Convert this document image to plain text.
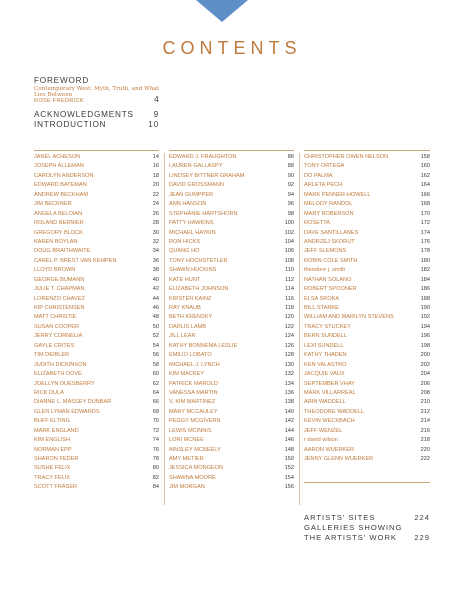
CONTENTS
FOREWORD
Contemporary West: Myth, Truth, and What Lies Between
ROSE FREDRICK	4
ACKNOWLEDGMENTS 9
INTRODUCTION	10
JANEL ACHESON	14
JOSEPH ALLEMAN	16
CAROLYN ANDERSON	18
EDWARD BATEMAN	20
ANDREW BECKHAM	22
JIM BECKNER	24
ANGELA BELOIAN	26
ROLAND BERNIER	28
GREGORY BLOCK	30
KAREN BOYLAN	32
DOUG BRAITHWAITE	34
CAREL P. BREST VAN KEMPEN	36
LLOYD BROWN	38
GEORGE BUMANN	40
JULIE T. CHAPMAN	42
LORENZO CHAVEZ	44
KIP CHRISTENSEN	46
MATT CHRISTIE	48
SUSAN COOPER	50
JERRY CORNELIA	52
GAYLE CRITES	54
TIM DEIBLER	56
JUDITH DICKINSON	58
ELIZABETH DOVE	60
JOELLYN DUESBERRY	62
RICK DULA	64
DIANNE L. MASSEY DUNBAR	66
GLEN LYMAN EDWARDS	68
BUFF ELTING	70
MARK ENGLAND	72
KIM ENGLISH	74
NORMAN EPP	76
SHARON FEDER	78
SUSHE FELIX	80
TRACY FELIX	82
SCOTT FRASER	84
EDWARD J. FRAUGHTON	86
LAUREN GALLASPY	88
LINDSEY BITTNER GRAHAM	90
DAVID GROSSMANN	92
JEAN GUMPPER	94
ANN HANSON	96
STEPHANIE HARTSHORN	98
PATTY HAWKINS	100
MICHAEL HAYKIN	102
RON HICKS	104
QUANG HO	106
TONY HOCHSTETLER	108
SHAWN HUCKINS	110
KATE HUNT	112
ELIZABETH JOHNSON	114
KIRSTEN KAINZ	116
RAY KNAUB	118
BETH KRENSKY	120
DARLIS LAMB	122
JILL LEAR	124
KATHY BONNEMA LESLIE	126
EMILIO LOBATO	128
MICHAEL J. LYNCH	130
KIM MACKEY	132
PATRICK MAROLD	134
VANESSA MARTIN	136
V. KIM MARTINEZ	138
MARY MCCAULEY	140
PEGGY MCGIVERN	142
LEWIS MCINNIS	144
LORI MCNEE	146
AINSLEY MCNEELY	148
AMY METIER	150
JESSICA MONGEON	152
SHAWNA MOORE	154
JIM MORGAN	156
CHRISTOPHER OWEN NELSON	158
TONY ORTEGA	160
DO PALMA	162
ARLETA PECH	164
MARK PENNER-HOWELL	166
MELODY RANDOL	168
MARY ROBERSON	170
ROSETTA	172
DAVE SANTILLANES	174
ANDRZEJ SKORUT	176
JEFF SLEMONS	178
ROBIN COLE SMITH	180
theodore j. smith	182
NATHAN SOLANO	184
ROBERT SPOONER	186
ELSA SROKA	188
BILL STARKE	190
WILLIAM AND MARILYN STEVENS	192
TRACY STUCKEY	194
BERN SUNDELL	196
LEXI SUNDELL	198
KATHY THADEN	200
KEN VALASTRO	202
JACQUIE VAUX	204
SEPTEMBER VHAY	206
MARK VILLARREAL	208
ARIN WADDELL	210
THEODORE WADDELL	212
KEVIN WECKBACH	214
JEFF WENZEL	216
r david wilson	218
AARON WUERKER	220
JENNY GLENN WUERKER	222
ARTISTS' SITES	224
GALLERIES SHOWING
THE ARTISTS' WORK 229
